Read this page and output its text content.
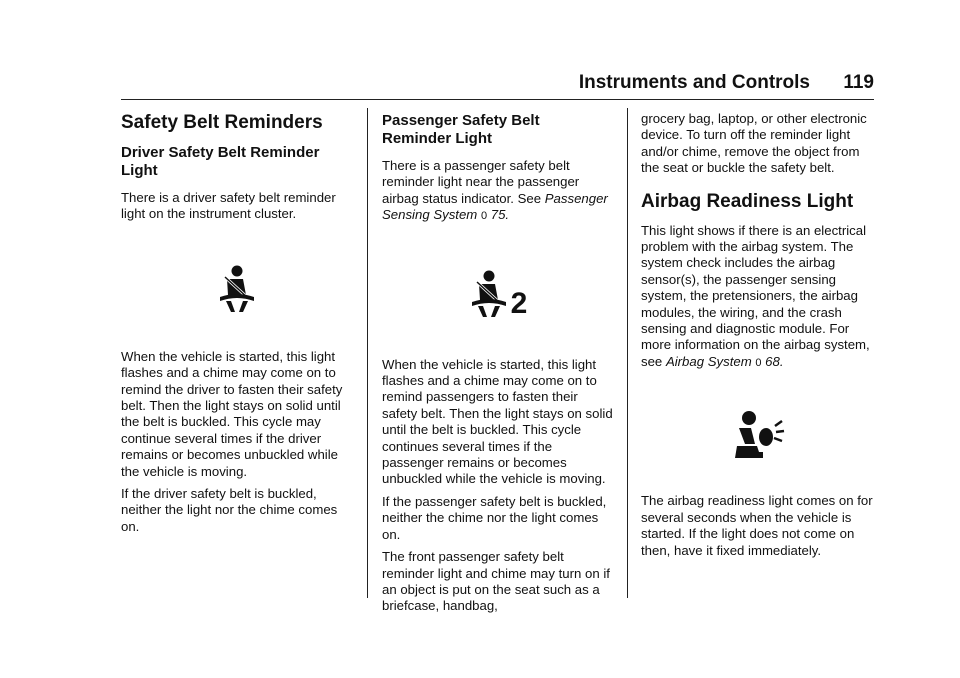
Instruments and Controls 119
Safety Belt Reminders
Driver Safety Belt Reminder Light

There is a driver safety belt reminder light on the instrument cluster.

When the vehicle is started, this light flashes and a chime may come on to remind the driver to fasten their safety belt. Then the light stays on solid until the belt is buckled. This cycle may continue several times if the driver remains or becomes unbuckled while the vehicle is moving.

If the driver safety belt is buckled, neither the light nor the chime comes on.

Passenger Safety Belt Reminder Light

There is a passenger safety belt reminder light near the passenger airbag status indicator. See Passenger Sensing System 0 75.

2

When the vehicle is started, this light flashes and a chime may come on to remind passengers to fasten their safety belt. Then the light stays on solid until the belt is buckled. This cycle continues several times if the passenger remains or becomes unbuckled while the vehicle is moving.

If the passenger safety belt is buckled, neither the chime nor the light comes on.

The front passenger safety belt reminder light and chime may turn on if an object is put on the seat such as a briefcase, handbag,

grocery bag, laptop, or other electronic device. To turn off the reminder light and/or chime, remove the object from the seat or buckle the safety belt.

Airbag Readiness Light

This light shows if there is an electrical problem with the airbag system. The system check includes the airbag sensor(s), the passenger sensing system, the pretensioners, the airbag modules, the wiring, and the crash sensing and diagnostic module. For more information on the airbag system, see Airbag System 0 68.

The airbag readiness light comes on for several seconds when the vehicle is started. If the light does not come on then, have it fixed immediately.
